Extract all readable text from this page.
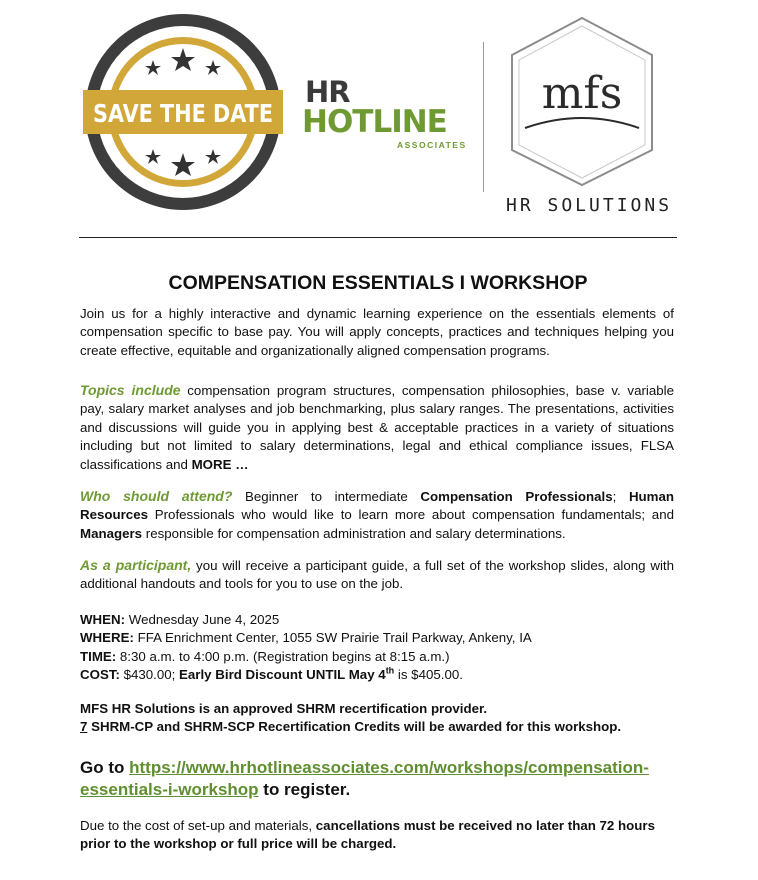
SAVE THE DATE
HR
HOTLINE
ASSOCIATES
mfs
HR SOLUTIONS
COMPENSATION ESSENTIALS I WORKSHOP

Join us for a highly interactive and dynamic learning experience on the essentials elements of compensation specific to base pay. You will apply concepts, practices and techniques helping you create effective, equitable and organizationally aligned compensation programs.

Topics include compensation program structures, compensation philosophies, base v. variable pay, salary market analyses and job benchmarking, plus salary ranges. The presentations, activities and discussions will guide you in applying best & acceptable practices in a variety of situations including but not limited to salary determinations, legal and ethical compliance issues, FLSA classifications and MORE …

Who should attend? Beginner to intermediate Compensation Professionals; Human Resources Professionals who would like to learn more about compensation fundamentals; and Managers responsible for compensation administration and salary determinations.

As a participant, you will receive a participant guide, a full set of the workshop slides, along with additional handouts and tools for you to use on the job.

WHEN: Wednesday June 4, 2025
WHERE: FFA Enrichment Center, 1055 SW Prairie Trail Parkway, Ankeny, IA
TIME: 8:30 a.m. to 4:00 p.m. (Registration begins at 8:15 a.m.)
COST: $430.00; Early Bird Discount UNTIL May 4th is $405.00.
MFS HR Solutions is an approved SHRM recertification provider.
7 SHRM-CP and SHRM-SCP Recertification Credits will be awarded for this workshop.
Go to https://www.hrhotlineassociates.com/workshops/compensation-
essentials-i-workshop to register.

Due to the cost of set-up and materials, cancellations must be received no later than 72 hours prior to the workshop or full price will be charged.
